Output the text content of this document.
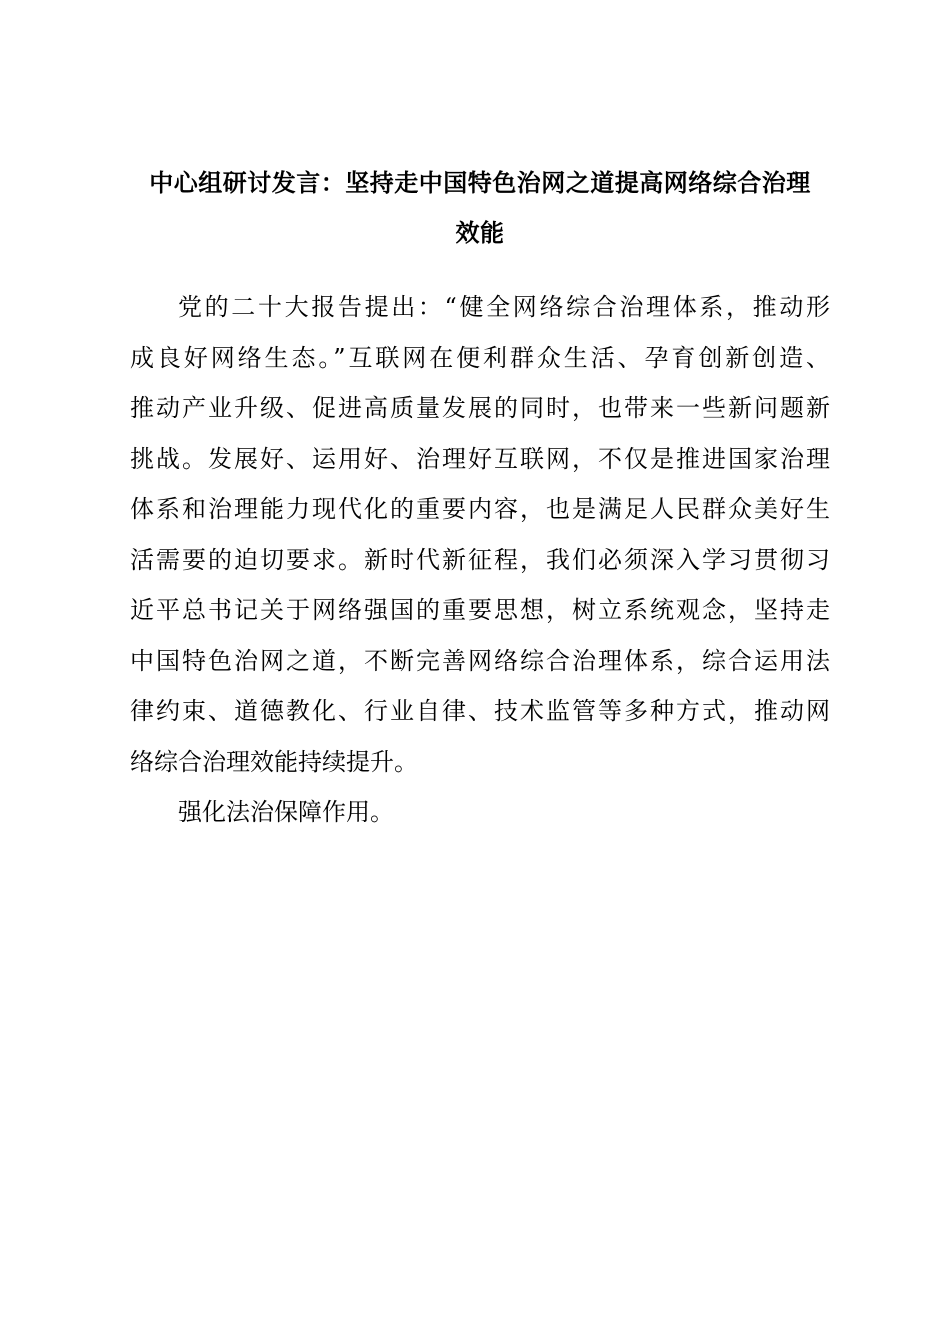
中心组研讨发言：坚持走中国特色治网之道提高网络综合治理
效能
党的二十大报告提出：“健全网络综合治理体系，推动形
成良好网络生态。”互联网在便利群众生活、孕育创新创造、
推动产业升级、促进高质量发展的同时，也带来一些新问题新
挑战。发展好、运用好、治理好互联网，不仅是推进国家治理
体系和治理能力现代化的重要内容，也是满足人民群众美好生
活需要的迫切要求。新时代新征程，我们必须深入学习贯彻习
近平总书记关于网络强国的重要思想，树立系统观念，坚持走
中国特色治网之道，不断完善网络综合治理体系，综合运用法
律约束、道德教化、行业自律、技术监管等多种方式，推动网
络综合治理效能持续提升。
强化法治保障作用。
